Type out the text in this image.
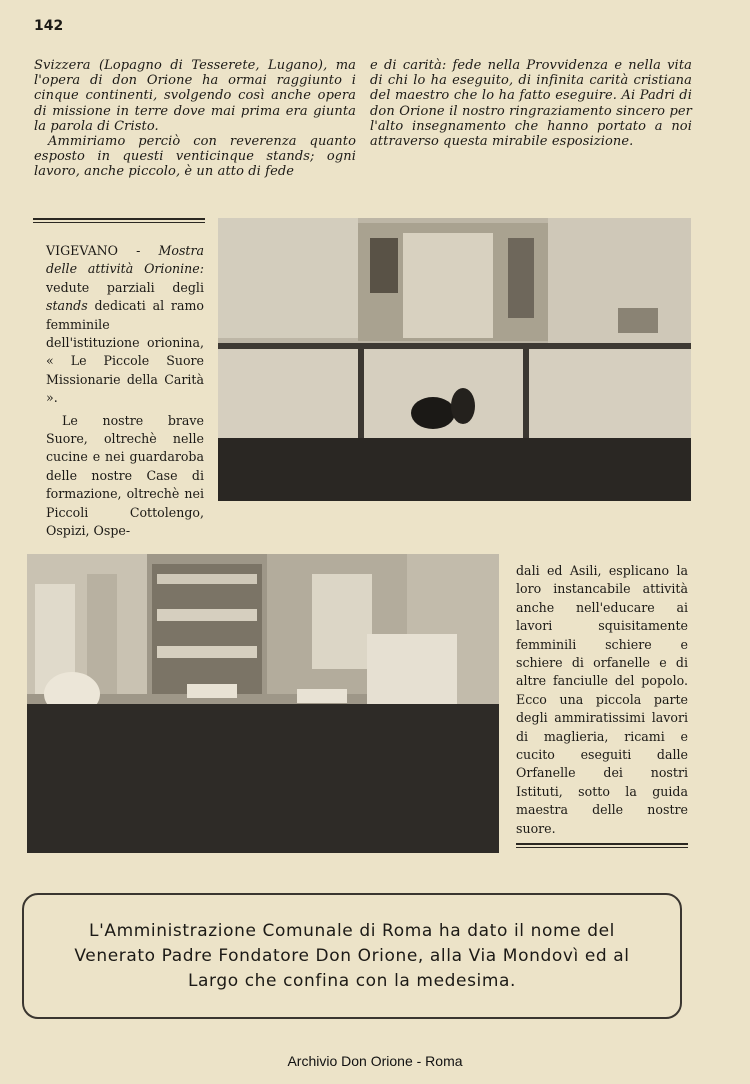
142

Svizzera (Lopagno di Tesserete, Lugano), ma l'opera di don Orione ha ormai raggiunto i cinque continenti, svolgendo così anche opera di missione in terre dove mai prima era giunta la parola di Cristo.

Ammiriamo perciò con reverenza quanto esposto in questi venticinque stands; ogni lavoro, anche piccolo, è un atto di fede

e di carità: fede nella Provvidenza e nella vita di chi lo ha eseguito, di infinita carità cristiana del maestro che lo ha fatto eseguire. Ai Padri di don Orione il nostro ringraziamento sincero per l'alto insegnamento che hanno portato a noi attraverso questa mirabile esposizione.

VIGEVANO - Mostra delle attività Orionine: vedute parziali degli stands dedicati al ramo femminile dell'istituzione orionina, « Le Piccole Suore Missionarie della Carità ».

Le nostre brave Suore, oltrechè nelle cucine e nei guardaroba delle nostre Case di formazione, oltrechè nei Piccoli Cottolengo, Ospizi, Ospe-

dali ed Asili, esplicano la loro instancabile attività anche nell'educare ai lavori squisitamente femminili schiere e schiere di orfanelle e di altre fanciulle del popolo. Ecco una piccola parte degli ammiratissimi lavori di maglieria, ricami e cucito eseguiti dalle Orfanelle dei nostri Istituti, sotto la guida maestra delle nostre suore.

L'Amministrazione Comunale di Roma ha dato il nome del Venerato Padre Fondatore Don Orione, alla Via Mondovì ed al Largo che confina con la medesima.
Archivio Don Orione - Roma
